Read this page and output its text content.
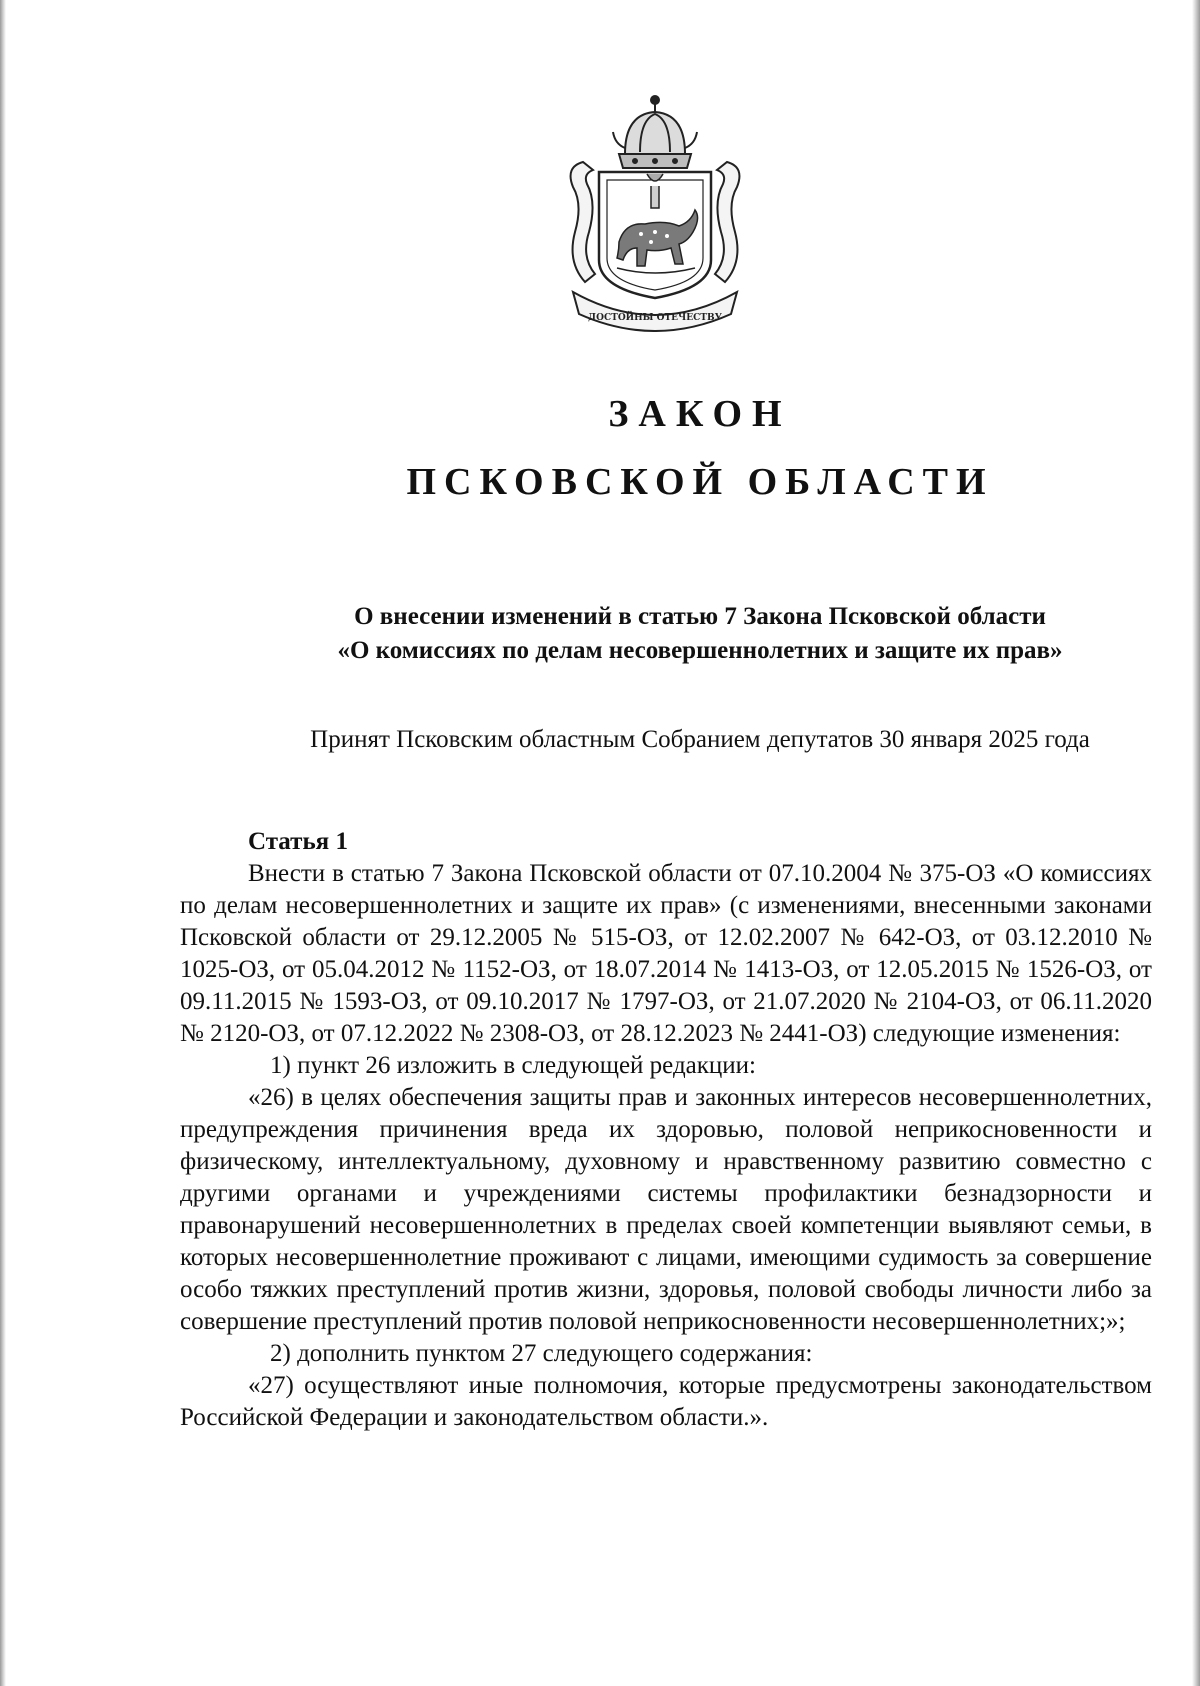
ДОСТОЙНЫ ОТЕЧЕСТВУ
ЗАКОН
ПСКОВСКОЙ ОБЛАСТИ
О внесении изменений в статью 7 Закона Псковской области
«О комиссиях по делам несовершеннолетних и защите их прав»
Принят Псковским областным Собранием депутатов 30 января 2025 года

Статья 1

Внести в статью 7 Закона Псковской области от 07.10.2004 № 375-ОЗ «О комиссиях по делам несовершеннолетних и защите их прав» (с изменениями, внесенными законами Псковской области от 29.12.2005 № 515-ОЗ, от 12.02.2007 № 642-ОЗ, от 03.12.2010 № 1025-ОЗ, от 05.04.2012 № 1152-ОЗ, от 18.07.2014 № 1413-ОЗ, от 12.05.2015 № 1526-ОЗ, от 09.11.2015 № 1593-ОЗ, от 09.10.2017 № 1797-ОЗ, от 21.07.2020 № 2104-ОЗ, от 06.11.2020 № 2120-ОЗ, от 07.12.2022 № 2308-ОЗ, от 28.12.2023 № 2441-ОЗ) следующие изменения:

1) пункт 26 изложить в следующей редакции:

«26) в целях обеспечения защиты прав и законных интересов несовершеннолетних, предупреждения причинения вреда их здоровью, половой неприкосновенности и физическому, интеллектуальному, духовному и нравственному развитию совместно с другими органами и учреждениями системы профилактики безнадзорности и правонарушений несовершеннолетних в пределах своей компетенции выявляют семьи, в которых несовершеннолетние проживают с лицами, имеющими судимость за совершение особо тяжких преступлений против жизни, здоровья, половой свободы личности либо за совершение преступлений против половой неприкосновенности несовершеннолетних;»;

2) дополнить пунктом 27 следующего содержания:

«27) осуществляют иные полномочия, которые предусмотрены законодательством Российской Федерации и законодательством области.».
